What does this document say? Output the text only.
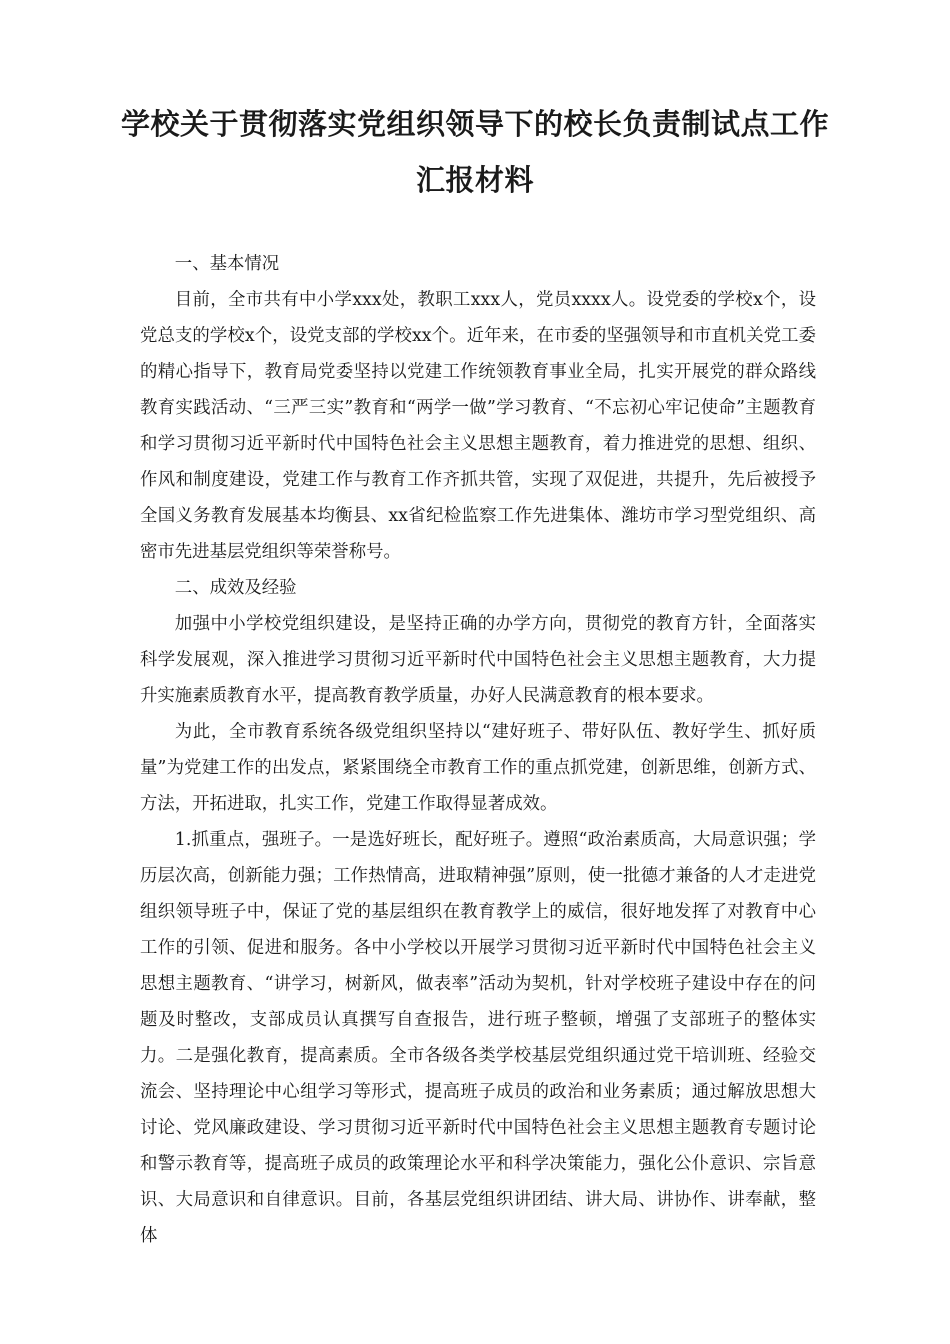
学校关于贯彻落实党组织领导下的校长负责制试点工作汇报材料

一、基本情况

目前，全市共有中小学xxx处，教职工xxx人，党员xxxx人。设党委的学校x个，设党总支的学校x个，设党支部的学校xx个。近年来，在市委的坚强领导和市直机关党工委的精心指导下，教育局党委坚持以党建工作统领教育事业全局，扎实开展党的群众路线教育实践活动、“三严三实”教育和“两学一做”学习教育、“不忘初心牢记使命”主题教育和学习贯彻习近平新时代中国特色社会主义思想主题教育，着力推进党的思想、组织、作风和制度建设，党建工作与教育工作齐抓共管，实现了双促进，共提升，先后被授予全国义务教育发展基本均衡县、xx省纪检监察工作先进集体、潍坊市学习型党组织、高密市先进基层党组织等荣誉称号。

二、成效及经验

加强中小学校党组织建设，是坚持正确的办学方向，贯彻党的教育方针，全面落实科学发展观，深入推进学习贯彻习近平新时代中国特色社会主义思想主题教育，大力提升实施素质教育水平，提高教育教学质量，办好人民满意教育的根本要求。

为此，全市教育系统各级党组织坚持以“建好班子、带好队伍、教好学生、抓好质量”为党建工作的出发点，紧紧围绕全市教育工作的重点抓党建，创新思维，创新方式、方法，开拓进取，扎实工作，党建工作取得显著成效。

1.抓重点，强班子。一是选好班长，配好班子。遵照“政治素质高，大局意识强；学历层次高，创新能力强；工作热情高，进取精神强”原则，使一批德才兼备的人才走进党组织领导班子中，保证了党的基层组织在教育教学上的威信，很好地发挥了对教育中心工作的引领、促进和服务。各中小学校以开展学习贯彻习近平新时代中国特色社会主义思想主题教育、“讲学习，树新风，做表率”活动为契机，针对学校班子建设中存在的问题及时整改，支部成员认真撰写自查报告，进行班子整顿，增强了支部班子的整体实力。二是强化教育，提高素质。全市各级各类学校基层党组织通过党干培训班、经验交流会、坚持理论中心组学习等形式，提高班子成员的政治和业务素质；通过解放思想大讨论、党风廉政建设、学习贯彻习近平新时代中国特色社会主义思想主题教育专题讨论和警示教育等，提高班子成员的政策理论水平和科学决策能力，强化公仆意识、宗旨意识、大局意识和自律意识。目前，各基层党组织讲团结、讲大局、讲协作、讲奉献，整体
